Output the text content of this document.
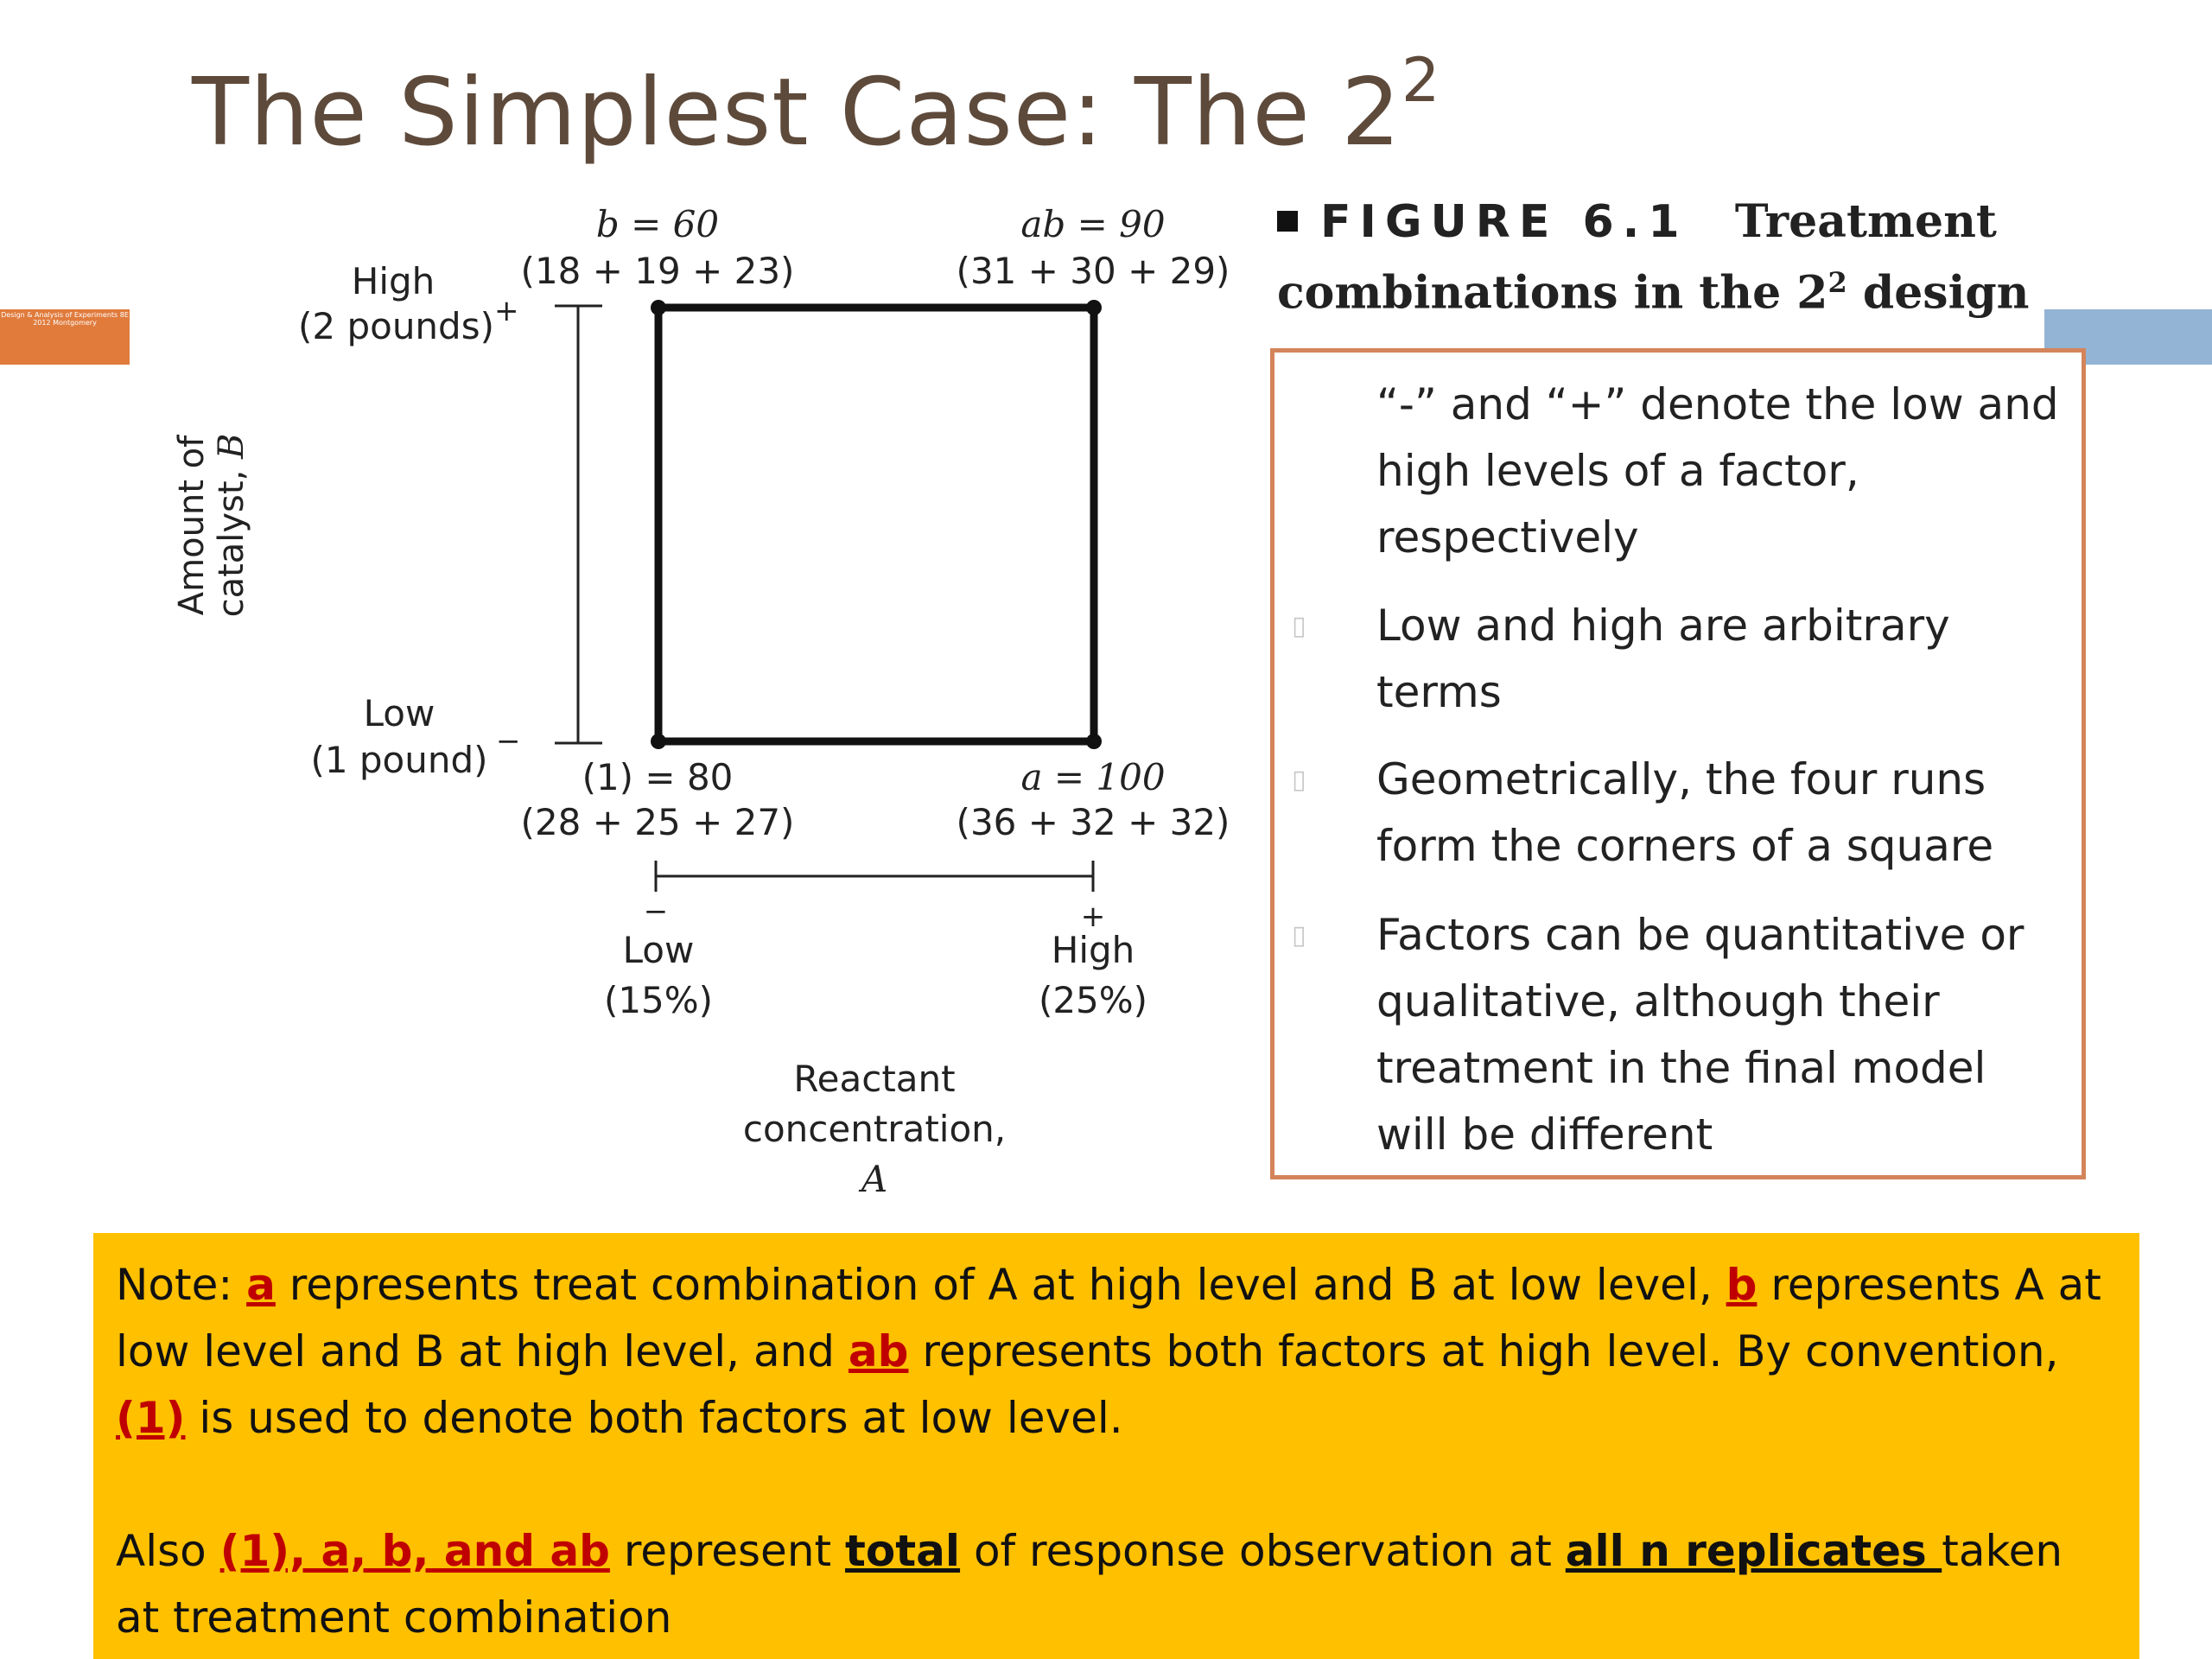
The Simplest Case: The $2^2$
Design & Analysis of Experiments 8E 2012 Montgomery
b = 60
(18 + 19 + 23)
ab = 90
(31 + 30 + 29)
(1) = 80
(28 + 25 + 27)
a = 100
(36 + 32 + 32)
High
(2 pounds) +
Low
(1 pound) −
Amount of catalyst, B
−
Low
(15%)
+
High
(25%)
Reactant
concentration,
A
FIGURE 6.1 Treatment
combinations in the $2^2$ design
“-” and “+” denote the low and high levels of a factor, respectively
▯ Low and high are arbitrary terms
▯ Geometrically, the four runs form the corners of a square
▯ Factors can be quantitative or qualitative, although their treatment in the final model will be different

Note: a represents treat combination of A at high level and B at low level, b represents A at low level and B at high level, and ab represents both factors at high level. By convention, (1) is used to denote both factors at low level.

Also (1), a, b, and ab represent total of response observation at all n replicates taken at treatment combination
